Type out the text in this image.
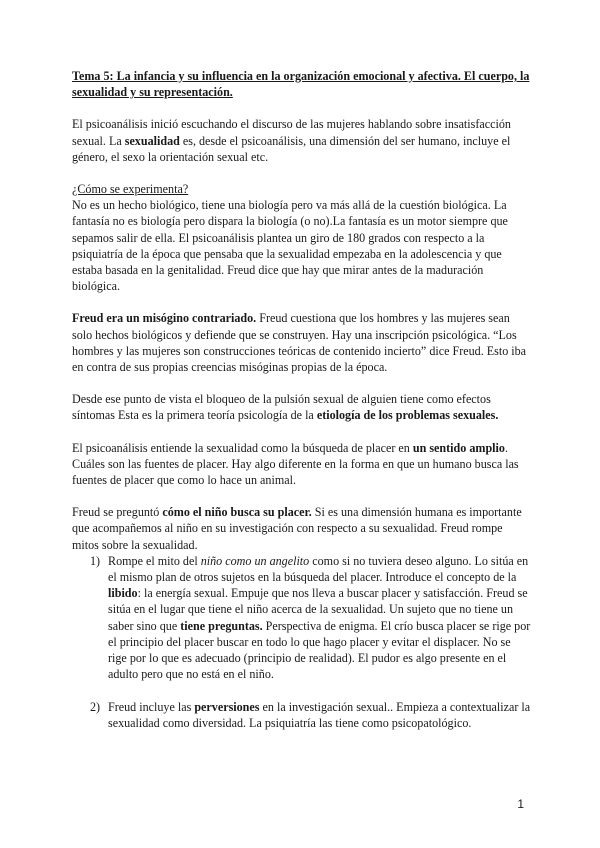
Tema 5: La infancia y su influencia en la organización emocional y afectiva. El cuerpo, la sexualidad y su representación.

El psicoanálisis inició escuchando el discurso de las mujeres hablando sobre insatisfacción sexual. La sexualidad es, desde el psicoanálisis, una dimensión del ser humano, incluye el género, el sexo la orientación sexual etc.

¿Cómo se experimenta?
No es un hecho biológico, tiene una biología pero va más allá de la cuestión biológica. La fantasía no es biología pero dispara la biología (o no).La fantasía es un motor siempre que sepamos salir de ella. El psicoanálisis plantea un giro de 180 grados con respecto a la psiquiatría de la época que pensaba que la sexualidad empezaba en la adolescencia y que estaba basada en la genitalidad. Freud dice que hay que mirar antes de la maduración biológica.

Freud era un misógino contrariado. Freud cuestiona que los hombres y las mujeres sean solo hechos biológicos y defiende que se construyen. Hay una inscripción psicológica. “Los hombres y las mujeres son construcciones teóricas de contenido incierto” dice Freud. Esto iba en contra de sus propias creencias misóginas propias de la época.

Desde ese punto de vista el bloqueo de la pulsión sexual de alguien tiene como efectos síntomas Esta es la primera teoría psicología de la etiología de los problemas sexuales.

El psicoanálisis entiende la sexualidad como la búsqueda de placer en un sentido amplio. Cuáles son las fuentes de placer. Hay algo diferente en la forma en que un humano busca las fuentes de placer que como lo hace un animal.

Freud se preguntó cómo el niño busca su placer. Si es una dimensión humana es importante que acompañemos al niño en su investigación con respecto a su sexualidad. Freud rompe mitos sobre la sexualidad.

1) Rompe el mito del niño como un angelito como si no tuviera deseo alguno. Lo sitúa en el mismo plan de otros sujetos en la búsqueda del placer. Introduce el concepto de la libido: la energía sexual. Empuje que nos lleva a buscar placer y satisfacción. Freud se sitúa en el lugar que tiene el niño acerca de la sexualidad. Un sujeto que no tiene un saber sino que tiene preguntas. Perspectiva de enigma. El crío busca placer se rige por el principio del placer buscar en todo lo que hago placer y evitar el displacer. No se rige por lo que es adecuado (principio de realidad). El pudor es algo presente en el adulto pero que no está en el niño.
2) Freud incluye las perversiones en la investigación sexual.. Empieza a contextualizar la sexualidad como diversidad. La psiquiatría las tiene como psicopatológico.
1
